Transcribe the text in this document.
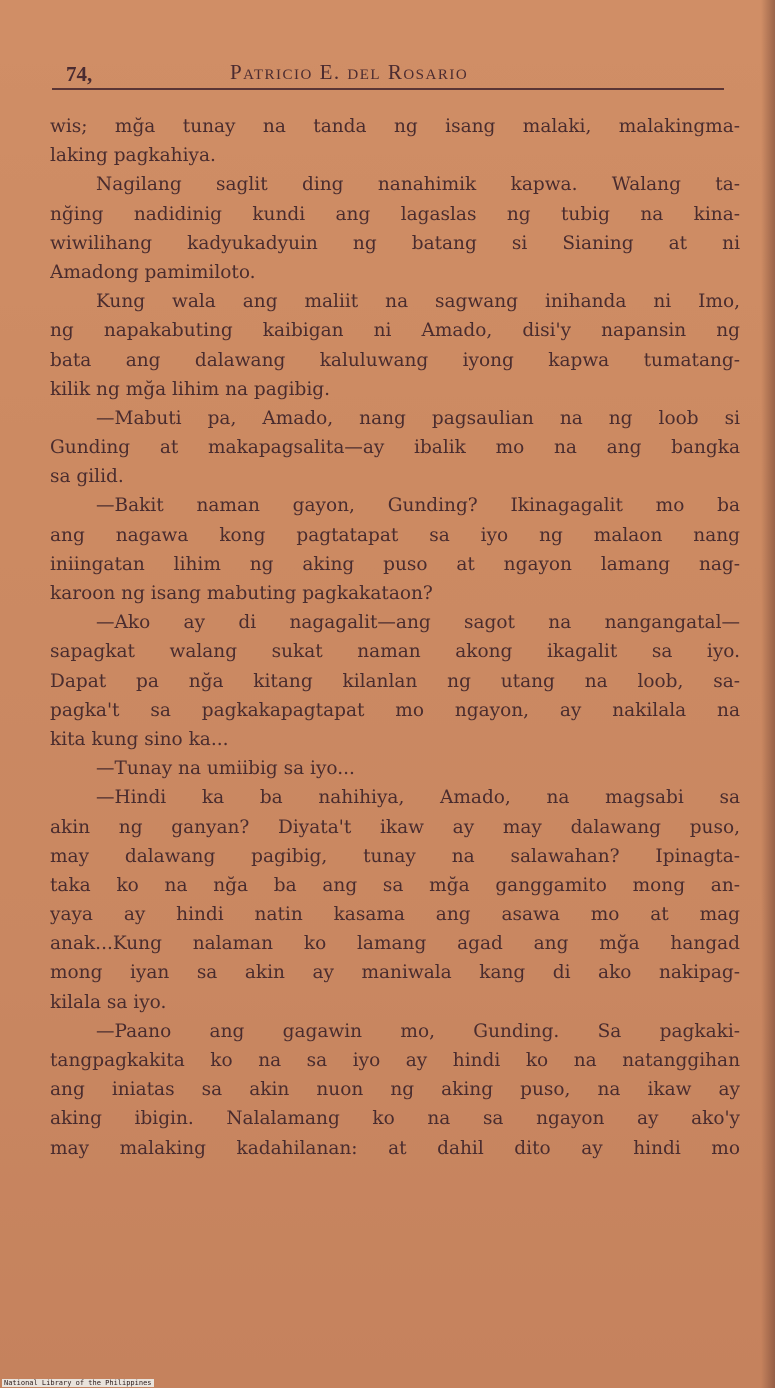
74,	Patricio E. del Rosario
wis; mğa tunay na tanda ng isang malaki, malakingma-
laking pagkahiya.
Nagilang saglit ding nanahimik kapwa. Walang ta-
nğing nadidinig kundi ang lagaslas ng tubig na kina-
wiwilihang kadyukadyuin ng batang si Sianing at ni
Amadong pamimiloto.
Kung wala ang maliit na sagwang inihanda ni Imo,
ng napakabuting kaibigan ni Amado, disi'y napansin ng
bata ang dalawang kaluluwang iyong kapwa tumatang-
kilik ng mğa lihim na pagibig.
—Mabuti pa, Amado, nang pagsaulian na ng loob si
Gunding at makapagsalita—ay ibalik mo na ang bangka
sa gilid.
—Bakit naman gayon, Gunding? Ikinagagalit mo ba
ang nagawa kong pagtatapat sa iyo ng malaon nang
iniingatan lihim ng aking puso at ngayon lamang nag-
karoon ng isang mabuting pagkakataon?
—Ako ay di nagagalit—ang sagot na nangangatal—
sapagkat walang sukat naman akong ikagalit sa iyo.
Dapat pa nğa kitang kilanlan ng utang na loob, sa-
pagka't sa pagkakapagtapat mo ngayon, ay nakilala na
kita kung sino ka...
—Tunay na umiibig sa iyo...
—Hindi ka ba nahihiya, Amado, na magsabi sa
akin ng ganyan? Diyata't ikaw ay may dalawang puso,
may dalawang pagibig, tunay na salawahan? Ipinagta-
taka ko na nğa ba ang sa mğa ganggamito mong an-
yaya ay hindi natin kasama ang asawa mo at mag
anak...Kung nalaman ko lamang agad ang mğa hangad
mong iyan sa akin ay maniwala kang di ako nakipag-
kilala sa iyo.
—Paano ang gagawin mo, Gunding. Sa pagkaki-
tangpagkakita ko na sa iyo ay hindi ko na natanggihan
ang iniatas sa akin nuon ng aking puso, na ikaw ay
aking ibigin. Nalalamang ko na sa ngayon ay ako'y
may malaking kadahilanan: at dahil dito ay hindi mo
National Library of the Philippines
